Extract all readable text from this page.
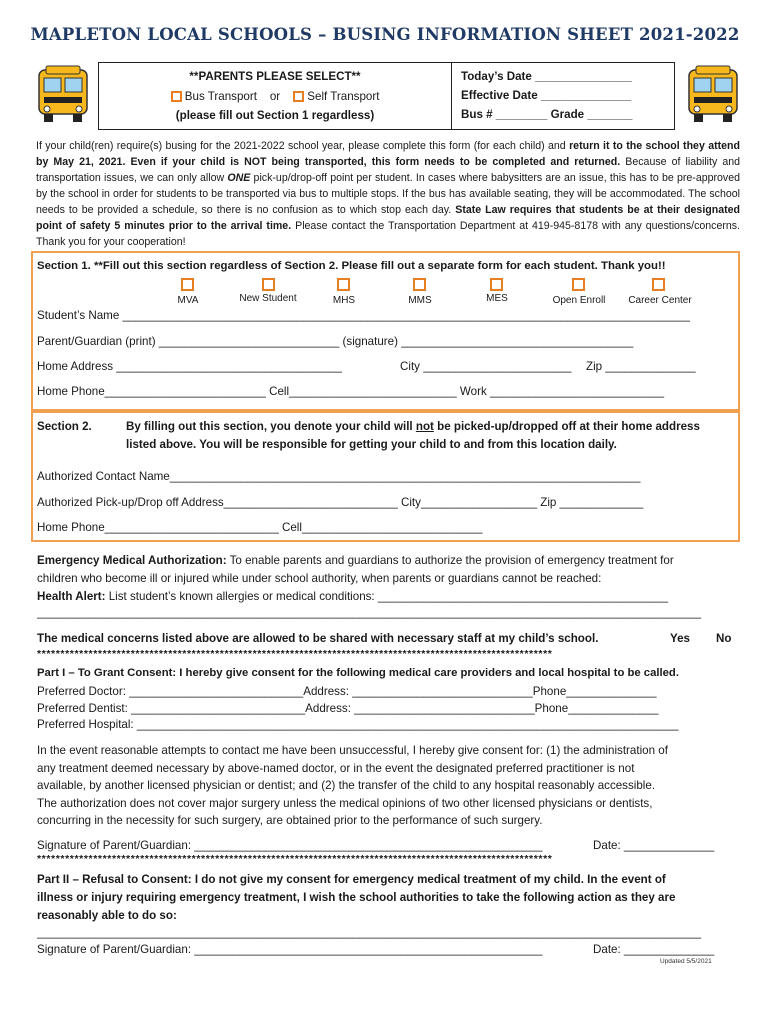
MAPLETON LOCAL SCHOOLS – BUSING INFORMATION SHEET 2021-2022
**PARENTS PLEASE SELECT**
Bus Transport or Self Transport
(please fill out Section 1 regardless)
Today’s Date _______________
Effective Date ______________
Bus # ________ Grade _______
If your child(ren) require(s) busing for the 2021-2022 school year, please complete this form (for each child) and return it to the school they attend by May 21, 2021. Even if your child is NOT being transported, this form needs to be completed and returned. Because of liability and transportation issues, we can only allow ONE pick-up/drop-off point per student. In cases where babysitters are an issue, this has to be pre-approved by the school in order for students to be transported via bus to multiple stops. If the bus has available seating, they will be accommodated. The school needs to be provided a schedule, so there is no confusion as to which stop each day. State Law requires that students be at their designated point of safety 5 minutes prior to the arrival time. Please contact the Transportation Department at 419-945-8178 with any questions/concerns. Thank you for your cooperation!
Section 1. **Fill out this section regardless of Section 2. Please fill out a separate form for each student. Thank you!!
MVA	New Student	MHS	MMS	MES	Open Enroll	Career Center
Student’s Name ________________________________________________________________________________________
Parent/Guardian (print) ____________________________ (signature) ____________________________________
Home Address ___________________________________	City _______________________ Zip ______________
Home Phone_________________________ Cell__________________________ Work ___________________________
Section 2.	By filling out this section, you denote your child will not be picked-up/dropped off at their home address
listed above. You will be responsible for getting your child to and from this location daily.
Authorized Contact Name_________________________________________________________________________
Authorized Pick-up/Drop off Address___________________________ City__________________ Zip _____________
Home Phone___________________________ Cell____________________________
Emergency Medical Authorization: To enable parents and guardians to authorize the provision of emergency treatment for
children who become ill or injured while under school authority, when parents or guardians cannot be reached:
Health Alert: List student’s known allergies or medical conditions: _____________________________________________
_______________________________________________________________________________________________________
The medical concerns listed above are allowed to be shared with necessary staff at my child’s school.	Yes No
**************************************************************************************************************
Part I – To Grant Consent: I hereby give consent for the following medical care providers and local hospital to be called.
Preferred Doctor: ___________________________Address: ____________________________Phone______________
Preferred Dentist: ___________________________Address: ____________________________Phone______________
Preferred Hospital: ____________________________________________________________________________________
In the event reasonable attempts to contact me have been unsuccessful, I hereby give consent for: (1) the administration of
any treatment deemed necessary by above-named doctor, or in the event the designated preferred practitioner is not
available, by another licensed physician or dentist; and (2) the transfer of the child to any hospital reasonably accessible.
The authorization does not cover major surgery unless the medical opinions of two other licensed physicians or dentists,
concurring in the necessity for such surgery, are obtained prior to the performance of such surgery.
Signature of Parent/Guardian: ______________________________________________________	Date: ______________
**************************************************************************************************************
Part II – Refusal to Consent: I do not give my consent for emergency medical treatment of my child. In the event of
illness or injury requiring emergency treatment, I wish the school authorities to take the following action as they are
reasonably able to do so:
_______________________________________________________________________________________________________
Signature of Parent/Guardian: ______________________________________________________	Date: ______________
Updated 5/5/2021
